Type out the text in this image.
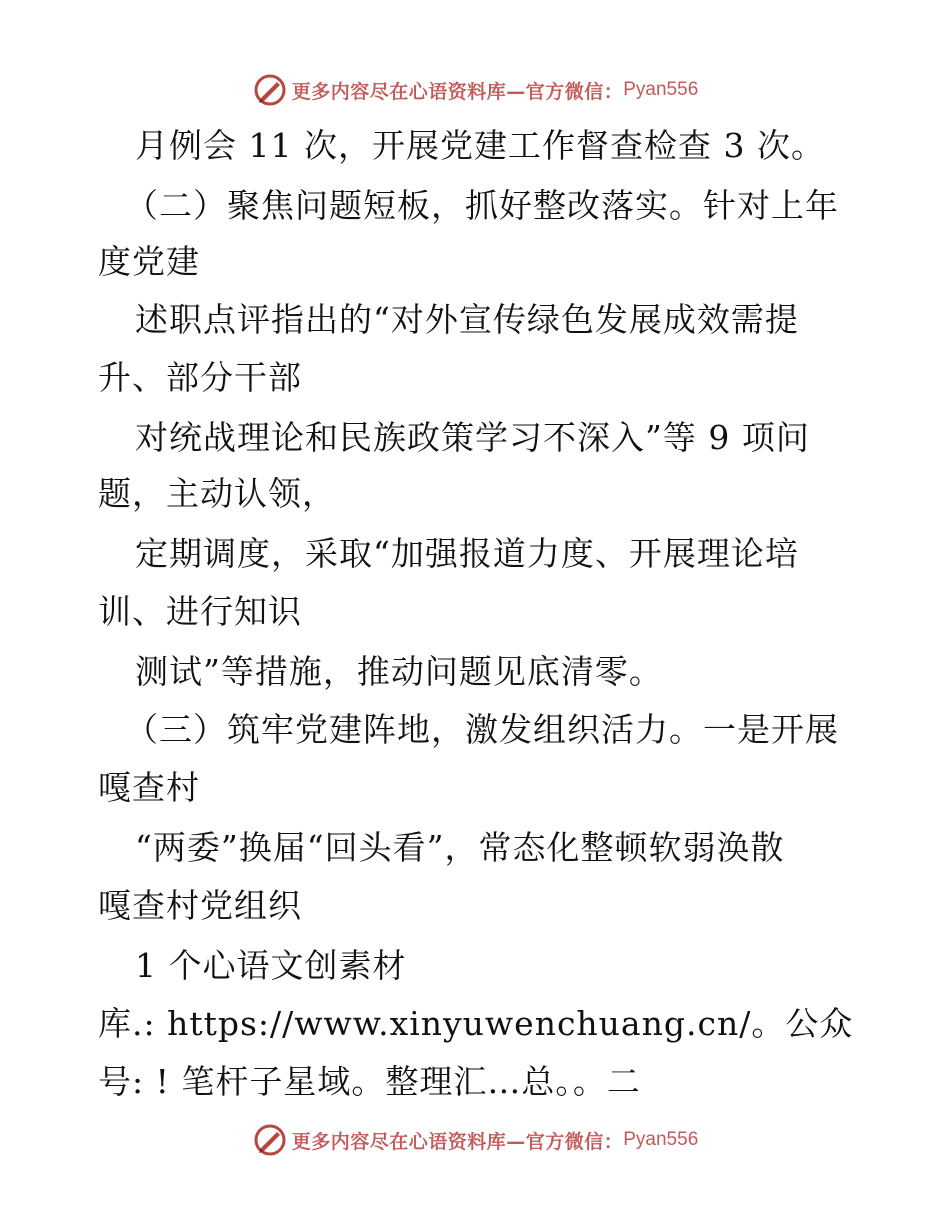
更多内容尽在心语资料库—官方微信： Pyan556
月例会 11 次，开展党建工作督查检查 3 次。
（二）聚焦问题短板，抓好整改落实。针对上年
度党建
述职点评指出的“对外宣传绿色发展成效需提
升、部分干部
对统战理论和民族政策学习不深入”等 9 项问
题，主动认领，
定期调度，采取“加强报道力度、开展理论培
训、进行知识
测试”等措施，推动问题见底清零。
（三）筑牢党建阵地，激发组织活力。一是开展
嘎查村
“两委”换届“回头看”，常态化整顿软弱涣散
嘎查村党组织
1 个心语文创素材
库.: https://www.xinyuwenchuang.cn/。公众
号: ! 笔杆子星域。整理汇…总。。二
更多内容尽在心语资料库—官方微信： Pyan556
